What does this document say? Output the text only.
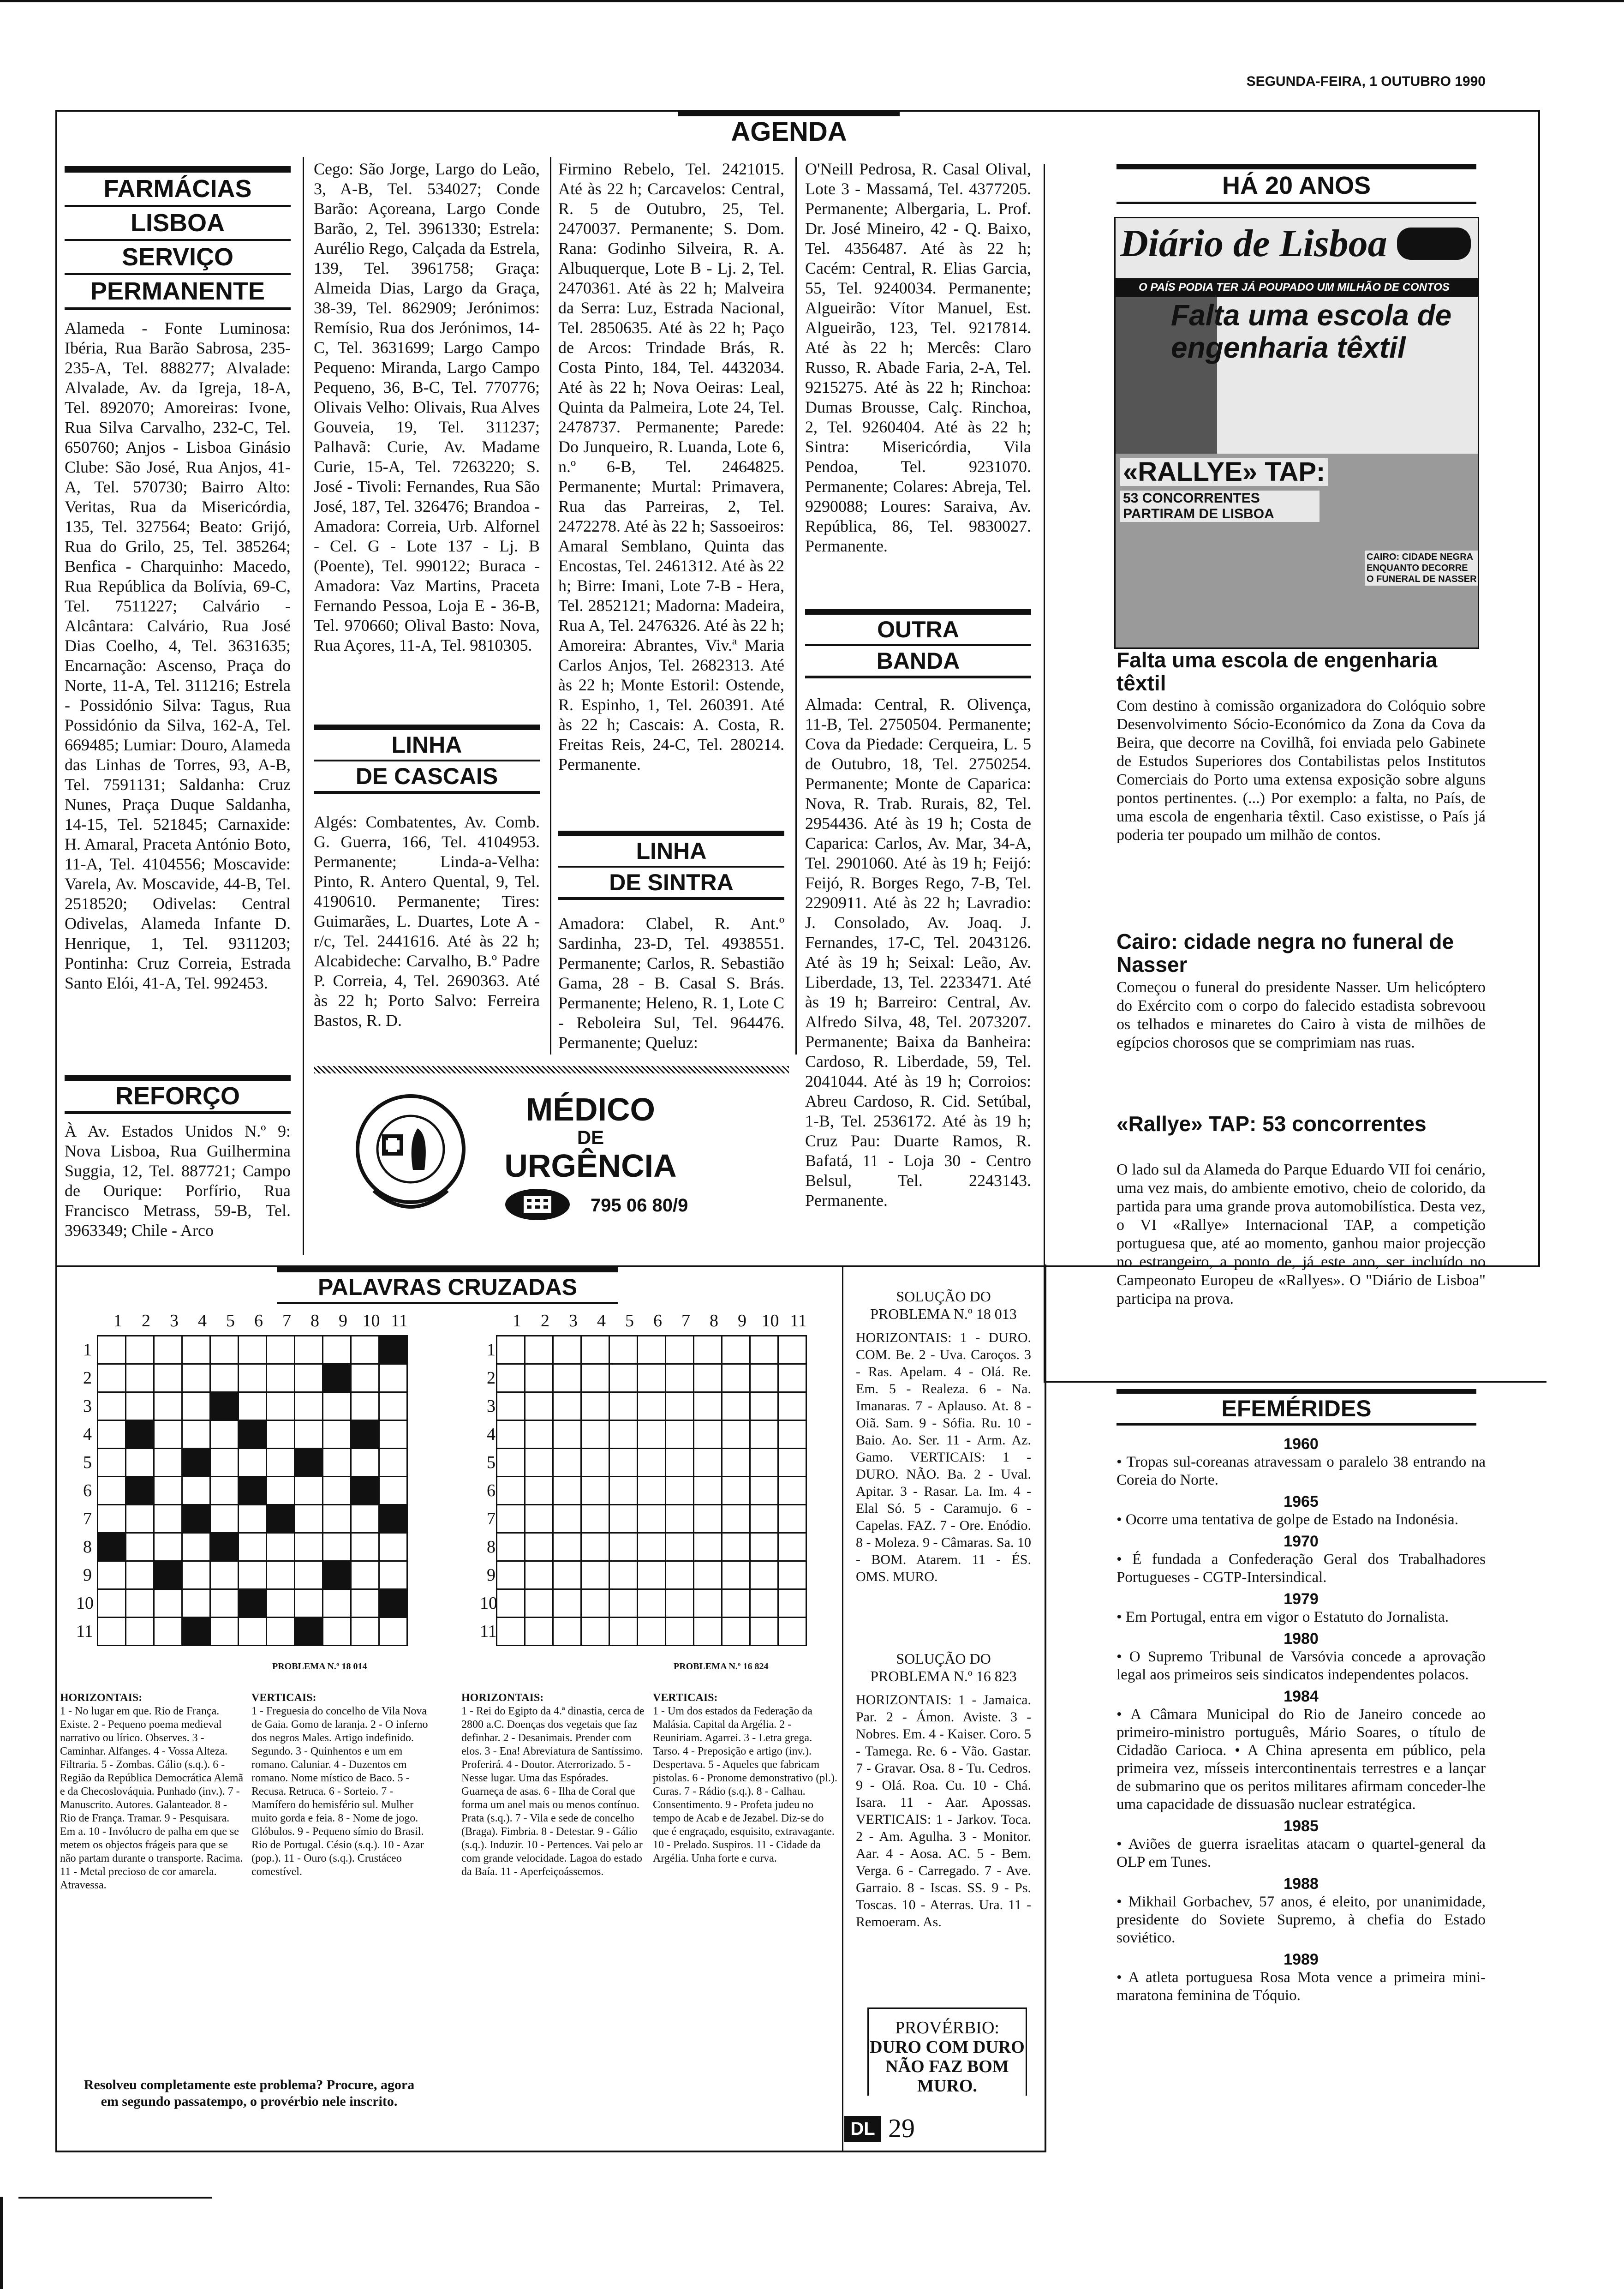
SEGUNDA-FEIRA, 1 OUTUBRO 1990
AGENDA
FARMÁCIAS
LISBOA
SERVIÇO
PERMANENTE
Alameda - Fonte Luminosa: Ibéria, Rua Barão Sabrosa, 235-235-A, Tel. 888277; Alvalade: Alvalade, Av. da Igreja, 18-A, Tel. 892070; Amoreiras: Ivone, Rua Silva Carvalho, 232-C, Tel. 650760; Anjos - Lisboa Ginásio Clube: São José, Rua Anjos, 41-A, Tel. 570730; Bairro Alto: Veritas, Rua da Misericórdia, 135, Tel. 327564; Beato: Grijó, Rua do Grilo, 25, Tel. 385264; Benfica - Charquinho: Macedo, Rua República da Bolívia, 69-C, Tel. 7511227; Calvário - Alcântara: Calvário, Rua José Dias Coelho, 4, Tel. 3631635; Encarnação: Ascenso, Praça do Norte, 11-A, Tel. 311216; Estrela - Possidónio Silva: Tagus, Rua Possidónio da Silva, 162-A, Tel. 669485; Lumiar: Douro, Alameda das Linhas de Torres, 93, A-B, Tel. 7591131; Saldanha: Cruz Nunes, Praça Duque Saldanha, 14-15, Tel. 521845; Carnaxide: H. Amaral, Praceta António Boto, 11-A, Tel. 4104556; Moscavide: Varela, Av. Moscavide, 44-B, Tel. 2518520; Odivelas: Central Odivelas, Alameda Infante D. Henrique, 1, Tel. 9311203; Pontinha: Cruz Correia, Estrada Santo Elói, 41-A, Tel. 992453.
REFORÇO
À Av. Estados Unidos N.º 9: Nova Lisboa, Rua Guilhermina Suggia, 12, Tel. 887721; Campo de Ourique: Porfírio, Rua Francisco Metrass, 59-B, Tel. 3963349; Chile - Arco
Cego: São Jorge, Largo do Leão, 3, A-B, Tel. 534027; Conde Barão: Açoreana, Largo Conde Barão, 2, Tel. 3961330; Estrela: Aurélio Rego, Calçada da Estrela, 139, Tel. 3961758; Graça: Almeida Dias, Largo da Graça, 38-39, Tel. 862909; Jerónimos: Remísio, Rua dos Jerónimos, 14-C, Tel. 3631699; Largo Campo Pequeno: Miranda, Largo Campo Pequeno, 36, B-C, Tel. 770776; Olivais Velho: Olivais, Rua Alves Gouveia, 19, Tel. 311237; Palhavã: Curie, Av. Madame Curie, 15-A, Tel. 7263220; S. José - Tivoli: Fernandes, Rua São José, 187, Tel. 326476; Brandoa - Amadora: Correia, Urb. Alfornel - Cel. G - Lote 137 - Lj. B (Poente), Tel. 990122; Buraca - Amadora: Vaz Martins, Praceta Fernando Pessoa, Loja E - 36-B, Tel. 970660; Olival Basto: Nova, Rua Açores, 11-A, Tel. 9810305.
LINHA
DE CASCAIS
Algés: Combatentes, Av. Comb. G. Guerra, 166, Tel. 4104953. Permanente; Linda-a-Velha: Pinto, R. Antero Quental, 9, Tel. 4190610. Permanente; Tires: Guimarães, L. Duartes, Lote A - r/c, Tel. 2441616. Até às 22 h; Alcabideche: Carvalho, B.º Padre P. Correia, 4, Tel. 2690363. Até às 22 h; Porto Salvo: Ferreira Bastos, R. D.
Firmino Rebelo, Tel. 2421015. Até às 22 h; Carcavelos: Central, R. 5 de Outubro, 25, Tel. 2470037. Permanente; S. Dom. Rana: Godinho Silveira, R. A. Albuquerque, Lote B - Lj. 2, Tel. 2470361. Até às 22 h; Malveira da Serra: Luz, Estrada Nacional, Tel. 2850635. Até às 22 h; Paço de Arcos: Trindade Brás, R. Costa Pinto, 184, Tel. 4432034. Até às 22 h; Nova Oeiras: Leal, Quinta da Palmeira, Lote 24, Tel. 2478737. Permanente; Parede: Do Junqueiro, R. Luanda, Lote 6, n.º 6-B, Tel. 2464825. Permanente; Murtal: Primavera, Rua das Parreiras, 2, Tel. 2472278. Até às 22 h; Sassoeiros: Amaral Semblano, Quinta das Encostas, Tel. 2461312. Até às 22 h; Birre: Imani, Lote 7-B - Hera, Tel. 2852121; Madorna: Madeira, Rua A, Tel. 2476326. Até às 22 h; Amoreira: Abrantes, Viv.ª Maria Carlos Anjos, Tel. 2682313. Até às 22 h; Monte Estoril: Ostende, R. Espinho, 1, Tel. 260391. Até às 22 h; Cascais: A. Costa, R. Freitas Reis, 24-C, Tel. 280214. Permanente.
LINHA
DE SINTRA
Amadora: Clabel, R. Ant.º Sardinha, 23-D, Tel. 4938551. Permanente; Carlos, R. Sebastião Gama, 28 - B. Casal S. Brás. Permanente; Heleno, R. 1, Lote C - Reboleira Sul, Tel. 964476. Permanente; Queluz:
O'Neill Pedrosa, R. Casal Olival, Lote 3 - Massamá, Tel. 4377205. Permanente; Albergaria, L. Prof. Dr. José Mineiro, 42 - Q. Baixo, Tel. 4356487. Até às 22 h; Cacém: Central, R. Elias Garcia, 55, Tel. 9240034. Permanente; Algueirão: Vítor Manuel, Est. Algueirão, 123, Tel. 9217814. Até às 22 h; Mercês: Claro Russo, R. Abade Faria, 2-A, Tel. 9215275. Até às 22 h; Rinchoa: Dumas Brousse, Calç. Rinchoa, 2, Tel. 9260404. Até às 22 h; Sintra: Misericórdia, Vila Pendoa, Tel. 9231070. Permanente; Colares: Abreja, Tel. 9290088; Loures: Saraiva, Av. República, 86, Tel. 9830027. Permanente.
OUTRA
BANDA
Almada: Central, R. Olivença, 11-B, Tel. 2750504. Permanente; Cova da Piedade: Cerqueira, L. 5 de Outubro, 18, Tel. 2750254. Permanente; Monte de Caparica: Nova, R. Trab. Rurais, 82, Tel. 2954436. Até às 19 h; Costa de Caparica: Carlos, Av. Mar, 34-A, Tel. 2901060. Até às 19 h; Feijó: Feijó, R. Borges Rego, 7-B, Tel. 2290911. Até às 22 h; Lavradio: J. Consolado, Av. Joaq. J. Fernandes, 17-C, Tel. 2043126. Até às 19 h; Seixal: Leão, Av. Liberdade, 13, Tel. 2233471. Até às 19 h; Barreiro: Central, Av. Alfredo Silva, 48, Tel. 2073207. Permanente; Baixa da Banheira: Cardoso, R. Liberdade, 59, Tel. 2041044. Até às 19 h; Corroios: Abreu Cardoso, R. Cid. Setúbal, 1-B, Tel. 2536172. Até às 19 h; Cruz Pau: Duarte Ramos, R. Bafatá, 11 - Loja 30 - Centro Belsul, Tel. 2243143. Permanente.
MÉDICO
DE
URGÊNCIA
795 06 80/9
HÁ 20 ANOS
Diário de Lisboa
O PAÍS PODIA TER JÁ POUPADO UM MILHÃO DE CONTOS
Falta uma escola de engenharia têxtil
«RALLYE» TAP:
53 CONCORRENTES PARTIRAM DE LISBOA
CAIRO: CIDADE NEGRA ENQUANTO DECORRE O FUNERAL DE NASSER
Falta uma escola de engenharia têxtil
Com destino à comissão organizadora do Colóquio sobre Desenvolvimento Sócio-Económico da Zona da Cova da Beira, que decorre na Covilhã, foi enviada pelo Gabinete de Estudos Superiores dos Contabilistas pelos Institutos Comerciais do Porto uma extensa exposição sobre alguns pontos pertinentes. (...) Por exemplo: a falta, no País, de uma escola de engenharia têxtil. Caso existisse, o País já poderia ter poupado um milhão de contos.
Cairo: cidade negra no funeral de Nasser
Começou o funeral do presidente Nasser. Um helicóptero do Exército com o corpo do falecido estadista sobrevoou os telhados e minaretes do Cairo à vista de milhões de egípcios chorosos que se comprimiam nas ruas.
«Rallye» TAP: 53 concorrentes
O lado sul da Alameda do Parque Eduardo VII foi cenário, uma vez mais, do ambiente emotivo, cheio de colorido, da partida para uma grande prova automobilística. Desta vez, o VI «Rallye» Internacional TAP, a competição portuguesa que, até ao momento, ganhou maior projecção no estrangeiro, a ponto de, já este ano, ser incluído no Campeonato Europeu de «Rallyes». O "Diário de Lisboa" participa na prova.
EFEMÉRIDES
1960

• Tropas sul-coreanas atravessam o paralelo 38 entrando na Coreia do Norte.

1965

• Ocorre uma tentativa de golpe de Estado na Indonésia.

1970

• É fundada a Confederação Geral dos Trabalhadores Portugueses - CGTP-Intersindical.

1979

• Em Portugal, entra em vigor o Estatuto do Jornalista.

1980

• O Supremo Tribunal de Varsóvia concede a aprovação legal aos primeiros seis sindicatos independentes polacos.

1984

• A Câmara Municipal do Rio de Janeiro concede ao primeiro-ministro português, Mário Soares, o título de Cidadão Carioca. • A China apresenta em público, pela primeira vez, mísseis intercontinentais terrestres e a lançar de submarino que os peritos militares afirmam conceder-lhe uma capacidade de dissuasão nuclear estratégica.

1985

• Aviões de guerra israelitas atacam o quartel-general da OLP em Tunes.

1988

• Mikhail Gorbachev, 57 anos, é eleito, por unanimidade, presidente do Soviete Supremo, à chefia do Estado soviético.

1989

• A atleta portuguesa Rosa Mota vence a primeira mini-maratona feminina de Tóquio.

PALAVRAS CRUZADAS
1 2 3 4 5 6 7 8 9 10 11
1
2
3
4
5
6
7
8
9
10
11

PROBLEMA N.º 18 014
1 2 3 4 5 6 7 8 9 10 11
1
2
3
4
5
6
7
8
9
10
11

PROBLEMA N.º 16 824
HORIZONTAIS:
1 - No lugar em que. Rio de França. Existe. 2 - Pequeno poema medieval narrativo ou lírico. Observes. 3 - Caminhar. Alfanges. 4 - Vossa Alteza. Filtraria. 5 - Zombas. Gálio (s.q.). 6 - Região da República Democrática Alemã e da Checoslováquia. Punhado (inv.). 7 - Manuscrito. Autores. Galanteador. 8 - Rio de França. Tramar. 9 - Pesquisara. Em a. 10 - Invólucro de palha em que se metem os objectos frágeis para que se não partam durante o transporte. Racima. 11 - Metal precioso de cor amarela. Atravessa.
VERTICAIS:
1 - Freguesia do concelho de Vila Nova de Gaia. Gomo de laranja. 2 - O inferno dos negros Males. Artigo indefinido. Segundo. 3 - Quinhentos e um em romano. Caluniar. 4 - Duzentos em romano. Nome místico de Baco. 5 - Recusa. Retruca. 6 - Sorteio. 7 - Mamífero do hemisfério sul. Mulher muito gorda e feia. 8 - Nome de jogo. Glóbulos. 9 - Pequeno símio do Brasil. Rio de Portugal. Césio (s.q.). 10 - Azar (pop.). 11 - Ouro (s.q.). Crustáceo comestível.
HORIZONTAIS:
1 - Rei do Egipto da 4.ª dinastia, cerca de 2800 a.C. Doenças dos vegetais que faz definhar. 2 - Desanimais. Prender com elos. 3 - Ena! Abreviatura de Santíssimo. Proferirá. 4 - Doutor. Aterrorizado. 5 - Nesse lugar. Uma das Espórades. Guarneça de asas. 6 - Ilha de Coral que forma um anel mais ou menos contínuo. Prata (s.q.). 7 - Vila e sede de concelho (Braga). Fimbria. 8 - Detestar. 9 - Gálio (s.q.). Induzir. 10 - Pertences. Vai pelo ar com grande velocidade. Lagoa do estado da Baía. 11 - Aperfeiçoássemos.
VERTICAIS:
1 - Um dos estados da Federação da Malásia. Capital da Argélia. 2 - Reuniriam. Agarrei. 3 - Letra grega. Tarso. 4 - Preposição e artigo (inv.). Despertava. 5 - Aqueles que fabricam pistolas. 6 - Pronome demonstrativo (pl.). Curas. 7 - Rádio (s.q.). 8 - Calhau. Consentimento. 9 - Profeta judeu no tempo de Acab e de Jezabel. Diz-se do que é engraçado, esquisito, extravagante. 10 - Prelado. Suspiros. 11 - Cidade da Argélia. Unha forte e curva.
Resolveu completamente este problema? Procure, agora em segundo passatempo, o provérbio nele inscrito.
SOLUÇÃO DO PROBLEMA N.º 18 013
HORIZONTAIS: 1 - DURO. COM. Be. 2 - Uva. Caroços. 3 - Ras. Apelam. 4 - Olá. Re. Em. 5 - Realeza. 6 - Na. Imanaras. 7 - Aplauso. At. 8 - Oiã. Sam. 9 - Sófia. Ru. 10 - Baio. Ao. Ser. 11 - Arm. Az. Gamo. VERTICAIS: 1 - DURO. NÃO. Ba. 2 - Uval. Apitar. 3 - Rasar. La. Im. 4 - Elal Só. 5 - Caramujo. 6 - Capelas. FAZ. 7 - Ore. Enódio. 8 - Moleza. 9 - Câmaras. Sa. 10 - BOM. Atarem. 11 - ÉS. OMS. MURO.
SOLUÇÃO DO PROBLEMA N.º 16 823
HORIZONTAIS: 1 - Jamaica. Par. 2 - Ámon. Aviste. 3 - Nobres. Em. 4 - Kaiser. Coro. 5 - Tamega. Re. 6 - Vão. Gastar. 7 - Gravar. Osa. 8 - Tu. Cedros. 9 - Olá. Roa. Cu. 10 - Chá. Isara. 11 - Aar. Apossas. VERTICAIS: 1 - Jarkov. Toca. 2 - Am. Agulha. 3 - Monitor. Aar. 4 - Aosa. AC. 5 - Bem. Verga. 6 - Carregado. 7 - Ave. Garraio. 8 - Iscas. SS. 9 - Ps. Toscas. 10 - Aterras. Ura. 11 - Remoeram. As.
PROVÉRBIO:
DURO COM DURO NÃO FAZ BOM MURO.
DL 29
